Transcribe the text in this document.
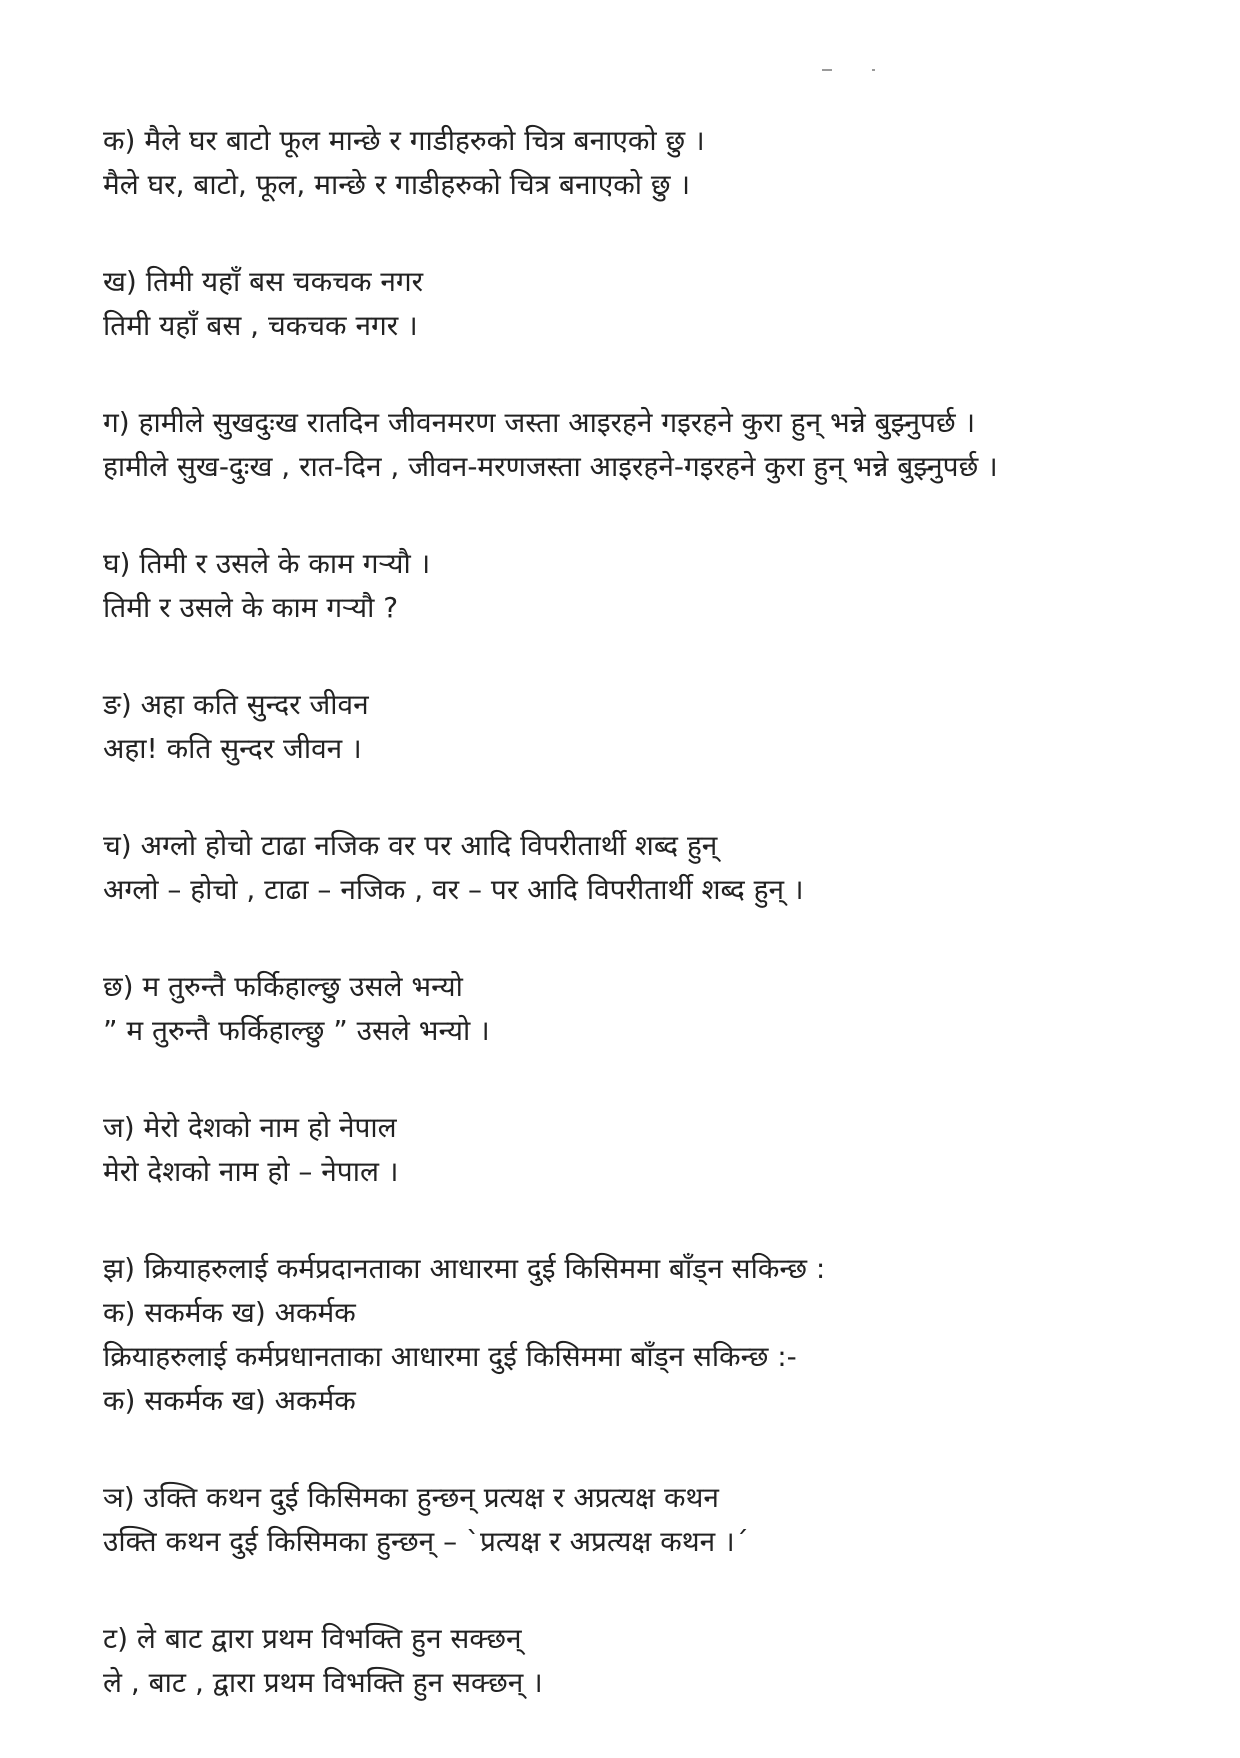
क) मैले घर बाटो फूल मान्छे र गाडीहरुको चित्र बनाएको छु ।
मैले घर, बाटो, फूल, मान्छे र गाडीहरुको चित्र बनाएको छु ।
ख) तिमी यहाँ बस चकचक नगर
तिमी यहाँ बस , चकचक नगर ।
ग) हामीले सुखदुःख रातदिन जीवनमरण जस्ता आइरहने गइरहने कुरा हुन् भन्ने बुझ्नुपर्छ ।
हामीले सुख-दुःख , रात-दिन , जीवन-मरणजस्ता आइरहने-गइरहने कुरा हुन् भन्ने बुझ्नुपर्छ ।
घ) तिमी र उसले के काम गर्‍यौ ।
तिमी र उसले के काम गर्‍यौ ?
ङ) अहा कति सुन्दर जीवन
अहा! कति सुन्दर जीवन ।
च) अग्लो होचो टाढा नजिक वर पर आदि विपरीतार्थी शब्द हुन्
अग्लो – होचो , टाढा – नजिक , वर – पर आदि विपरीतार्थी शब्द हुन् ।
छ) म तुरुन्तै फर्किहाल्छु उसले भन्यो
” म तुरुन्तै फर्किहाल्छु ” उसले भन्यो ।
ज) मेरो देशको नाम हो नेपाल
मेरो देशको नाम हो – नेपाल ।
झ) क्रियाहरुलाई कर्मप्रदानताका आधारमा दुई किसिममा बाँड्न सकिन्छ :
क) सकर्मक ख) अकर्मक
क्रियाहरुलाई कर्मप्रधानताका आधारमा दुई किसिममा बाँड्न सकिन्छ :-
क) सकर्मक ख) अकर्मक
ञ) उक्ति कथन दुई किसिमका हुन्छन् प्रत्यक्ष र अप्रत्यक्ष कथन
उक्ति कथन दुई किसिमका हुन्छन् – `प्रत्यक्ष र अप्रत्यक्ष कथन ।´
ट) ले बाट द्वारा प्रथम विभक्ति हुन सक्छन्
ले , बाट , द्वारा प्रथम विभक्ति हुन सक्छन् ।
